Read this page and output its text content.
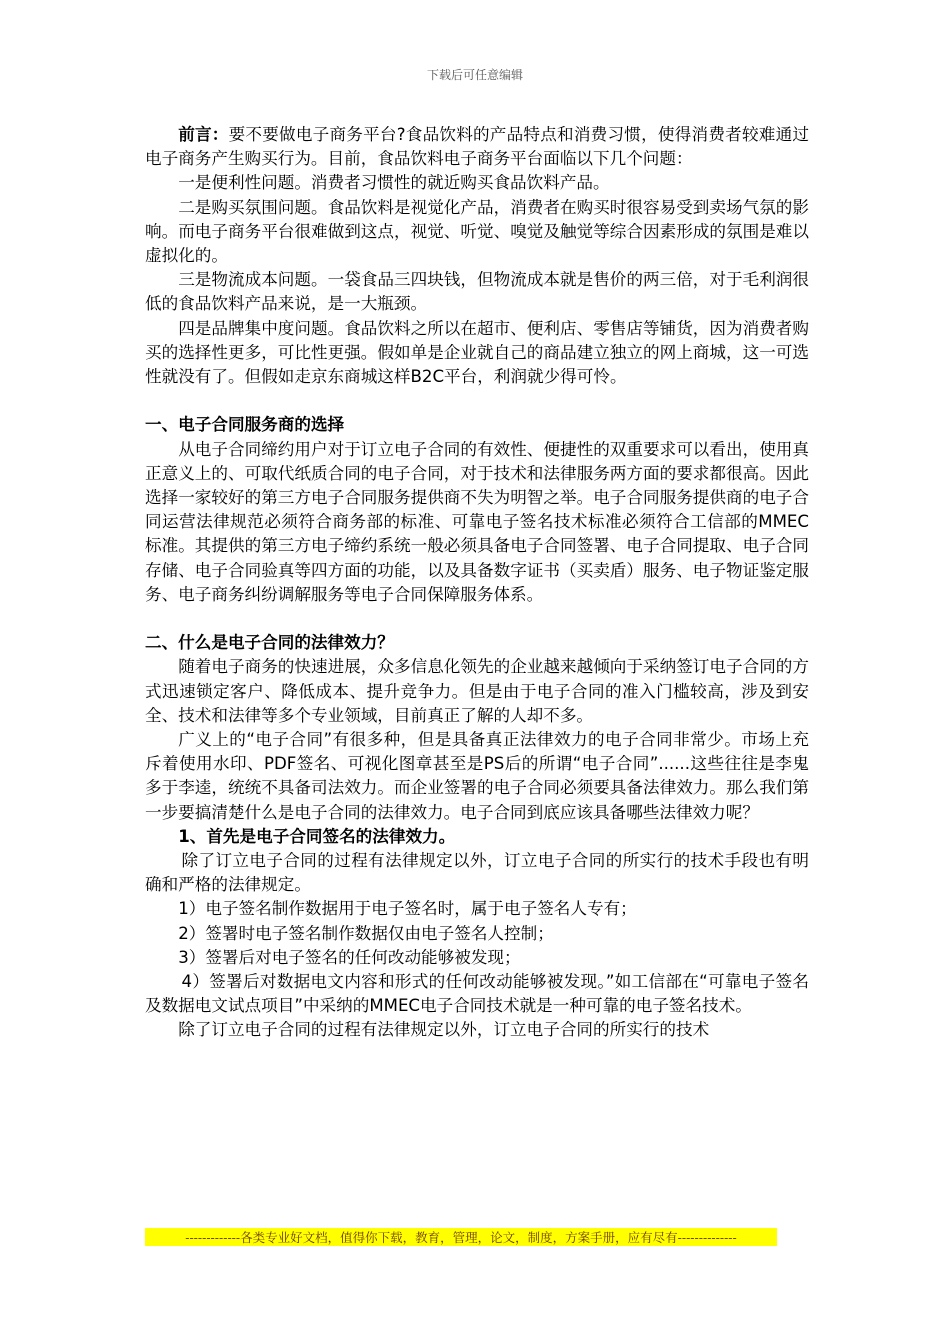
下载后可任意编辑

前言：要不要做电子商务平台?食品饮料的产品特点和消费习惯，使得消费者较难通过电子商务产生购买行为。目前，食品饮料电子商务平台面临以下几个问题：

一是便利性问题。消费者习惯性的就近购买食品饮料产品。

二是购买氛围问题。食品饮料是视觉化产品，消费者在购买时很容易受到卖场气氛的影响。而电子商务平台很难做到这点，视觉、听觉、嗅觉及触觉等综合因素形成的氛围是难以虚拟化的。

三是物流成本问题。一袋食品三四块钱，但物流成本就是售价的两三倍，对于毛利润很低的食品饮料产品来说，是一大瓶颈。

四是品牌集中度问题。食品饮料之所以在超市、便利店、零售店等铺货，因为消费者购买的选择性更多，可比性更强。假如单是企业就自己的商品建立独立的网上商城，这一可选性就没有了。但假如走京东商城这样B2C平台，利润就少得可怜。

一、电子合同服务商的选择

从电子合同缔约用户对于订立电子合同的有效性、便捷性的双重要求可以看出，使用真正意义上的、可取代纸质合同的电子合同，对于技术和法律服务两方面的要求都很高。因此选择一家较好的第三方电子合同服务提供商不失为明智之举。电子合同服务提供商的电子合同运营法律规范必须符合商务部的标准、可靠电子签名技术标准必须符合工信部的MMEC标准。其提供的第三方电子缔约系统一般必须具备电子合同签署、电子合同提取、电子合同存储、电子合同验真等四方面的功能，以及具备数字证书（买卖盾）服务、电子物证鉴定服务、电子商务纠纷调解服务等电子合同保障服务体系。

二、什么是电子合同的法律效力？

随着电子商务的快速进展，众多信息化领先的企业越来越倾向于采纳签订电子合同的方式迅速锁定客户、降低成本、提升竞争力。但是由于电子合同的准入门槛较高，涉及到安全、技术和法律等多个专业领域，目前真正了解的人却不多。

广义上的“电子合同”有很多种，但是具备真正法律效力的电子合同非常少。市场上充斥着使用水印、PDF签名、可视化图章甚至是PS后的所谓“电子合同”......这些往往是李鬼多于李逵，统统不具备司法效力。而企业签署的电子合同必须要具备法律效力。那么我们第一步要搞清楚什么是电子合同的法律效力。电子合同到底应该具备哪些法律效力呢？

1、首先是电子合同签名的法律效力。

除了订立电子合同的过程有法律规定以外，订立电子合同的所实行的技术手段也有明确和严格的法律规定。

1）电子签名制作数据用于电子签名时，属于电子签名人专有；

2）签署时电子签名制作数据仅由电子签名人控制；

3）签署后对电子签名的任何改动能够被发现；

4）签署后对数据电文内容和形式的任何改动能够被发现。”如工信部在“可靠电子签名及数据电文试点项目”中采纳的MMEC电子合同技术就是一种可靠的电子签名技术。

除了订立电子合同的过程有法律规定以外，订立电子合同的所实行的技术

-------------各类专业好文档，值得你下载，教育，管理，论文，制度，方案手册，应有尽有--------------
